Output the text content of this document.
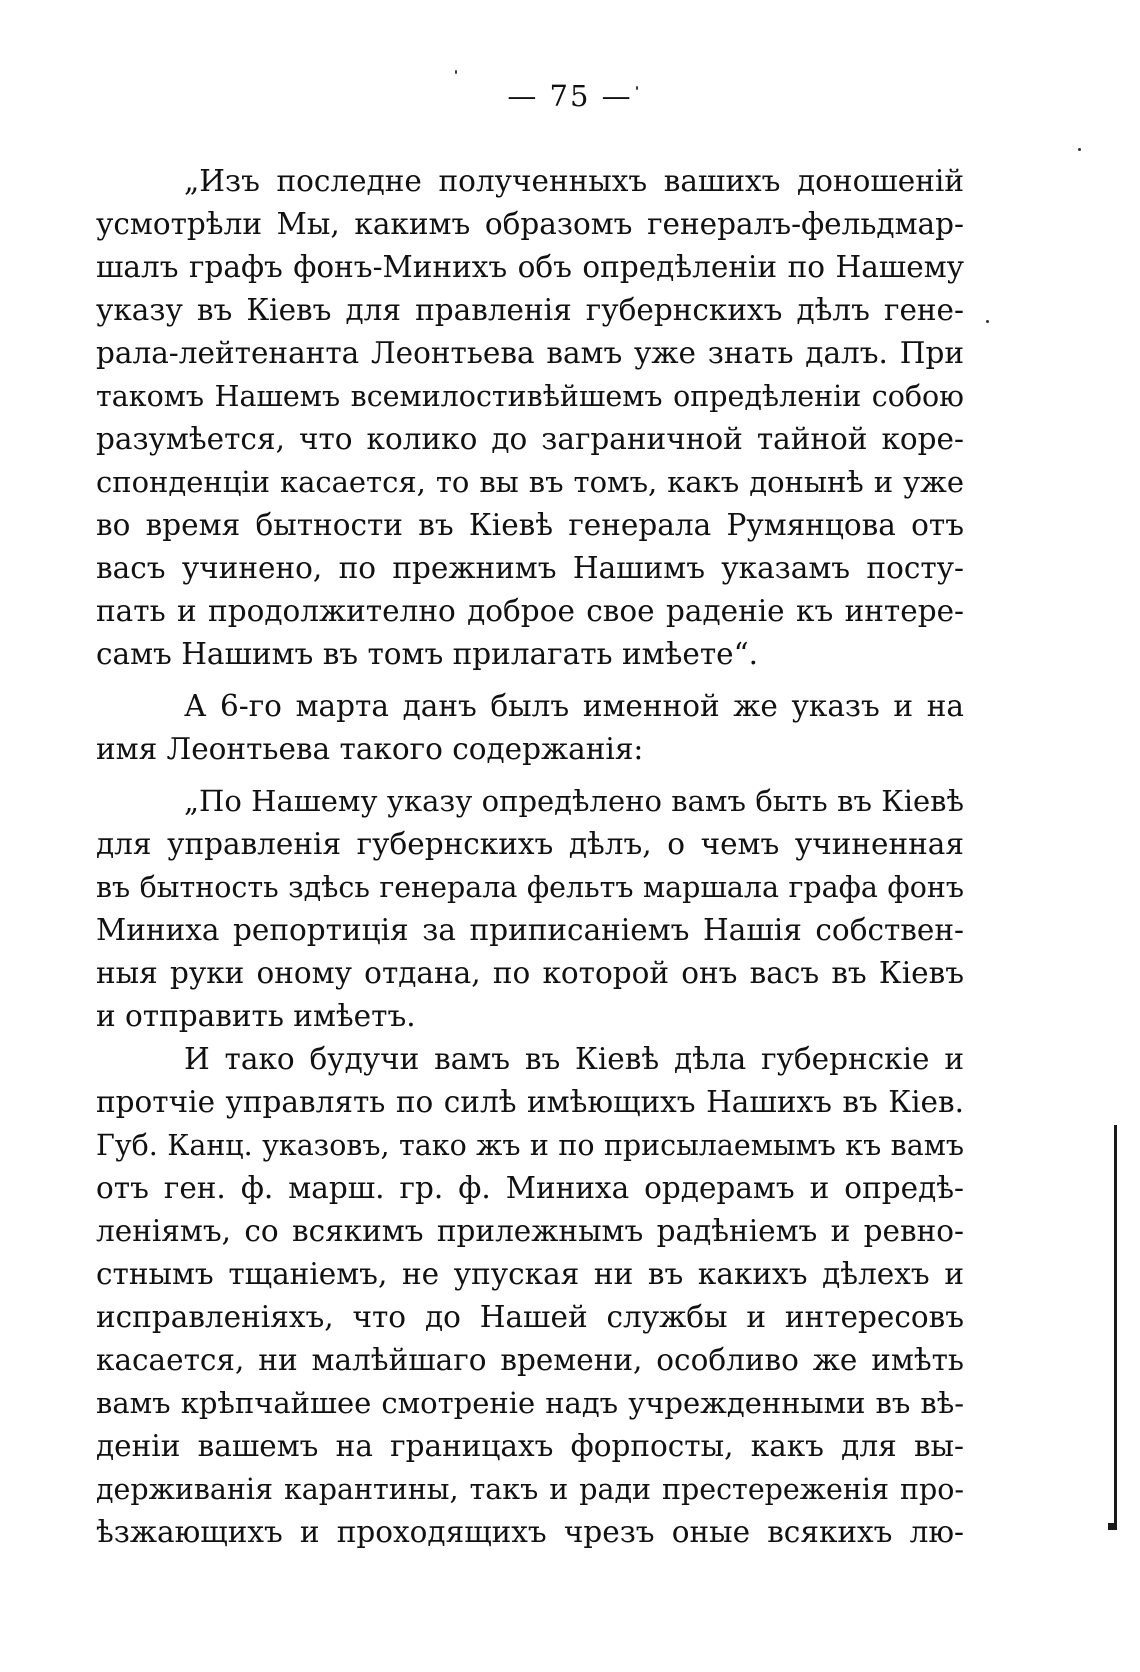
— 75 —
„Изъ последне полученныхъ вашихъ доношеній
усмотрѣли Мы, какимъ образомъ генералъ-фельдмар-
шалъ графъ фонъ-Минихъ объ опредѣленіи по Нашему
указу въ Кіевъ для правленія губернскихъ дѣлъ гене-
рала-лейтенанта Леонтьева вамъ уже знать далъ. При
такомъ Нашемъ всемилостивѣйшемъ опредѣленіи собою
разумѣется, что колико до заграничной тайной коре-
спонденціи касается, то вы въ томъ, какъ донынѣ и уже
во время бытности въ Кіевѣ генерала Румянцова отъ
васъ учинено, по прежнимъ Нашимъ указамъ посту-
пать и продолжително доброе свое раденіе къ интере-
самъ Нашимъ въ томъ прилагать имѣете“.
А 6-го марта данъ былъ именной же указъ и на
имя Леонтьева такого содержанія:
„По Нашему указу опредѣлено вамъ быть въ Кіевѣ
для управленія губернскихъ дѣлъ, о чемъ учиненная
въ бытность здѣсь генерала фельтъ маршала графа фонъ
Миниха репортиція за приписаніемъ Нашія собствен-
ныя руки оному отдана, по которой онъ васъ въ Кіевъ
и отправить имѣетъ.
И тако будучи вамъ въ Кіевѣ дѣла губернскіе и
протчіе управлять по силѣ имѣющихъ Нашихъ въ Кіев.
Губ. Канц. указовъ, тако жъ и по присылаемымъ къ вамъ
отъ ген. ф. марш. гр. ф. Миниха ордерамъ и опредѣ-
леніямъ, со всякимъ прилежнымъ радѣніемъ и ревно-
стнымъ тщаніемъ, не упуская ни въ какихъ дѣлехъ и
исправленіяхъ, что до Нашей службы и интересовъ
касается, ни малѣйшаго времени, особливо же имѣть
вамъ крѣпчайшее смотреніе надъ учрежденными въ вѣ-
деніи вашемъ на границахъ форпосты, какъ для вы-
держиванія карантины, такъ и ради престереженія про-
ѣзжающихъ и проходящихъ чрезъ оные всякихъ лю-
